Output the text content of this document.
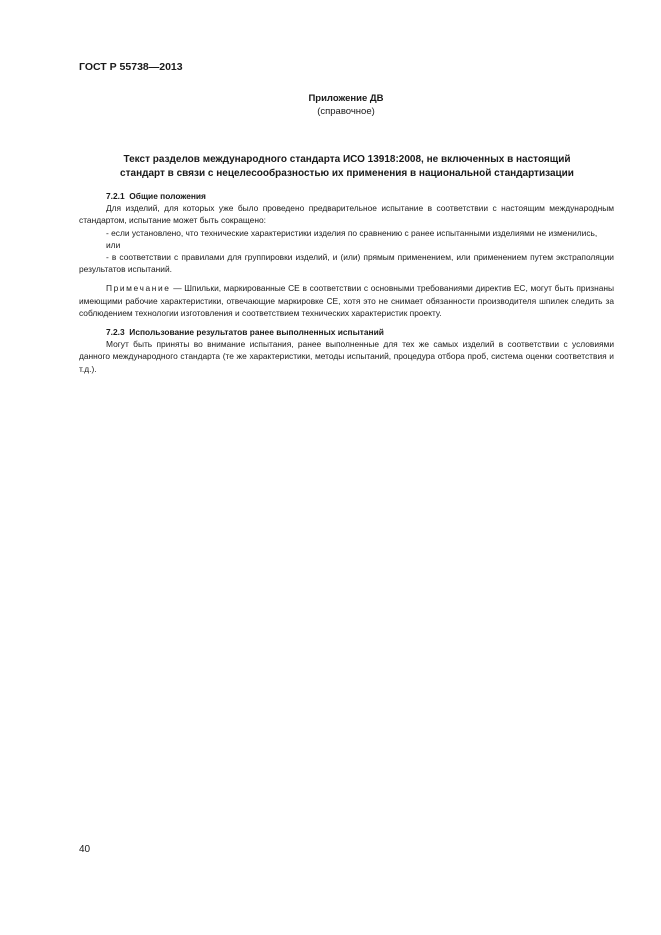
ГОСТ Р 55738—2013
Приложение ДВ
(справочное)
Текст разделов международного стандарта ИСО 13918:2008, не включенных в настоящий
стандарт в связи с нецелесообразностью их применения в национальной стандартизации

7.2.1 Общие положения

Для изделий, для которых уже было проведено предварительное испытание в соответствии с настоящим международным стандартом, испытание может быть сокращено:

- если установлено, что технические характеристики изделия по сравнению с ранее испытанными изделиями не изменились,

или

- в соответствии с правилами для группировки изделий, и (или) прямым применением, или применением путем экстраполяции результатов испытаний.

Примечание — Шпильки, маркированные CE в соответствии с основными требованиями директив ЕС, могут быть признаны имеющими рабочие характеристики, отвечающие маркировке CE, хотя это не снимает обязанности производителя шпилек следить за соблюдением технологии изготовления и соответствием технических характеристик проекту.

7.2.3 Использование результатов ранее выполненных испытаний

Могут быть приняты во внимание испытания, ранее выполненные для тех же самых изделий в соответствии с условиями данного международного стандарта (те же характеристики, методы испытаний, процедура отбора проб, система оценки соответствия и т.д.).

40
